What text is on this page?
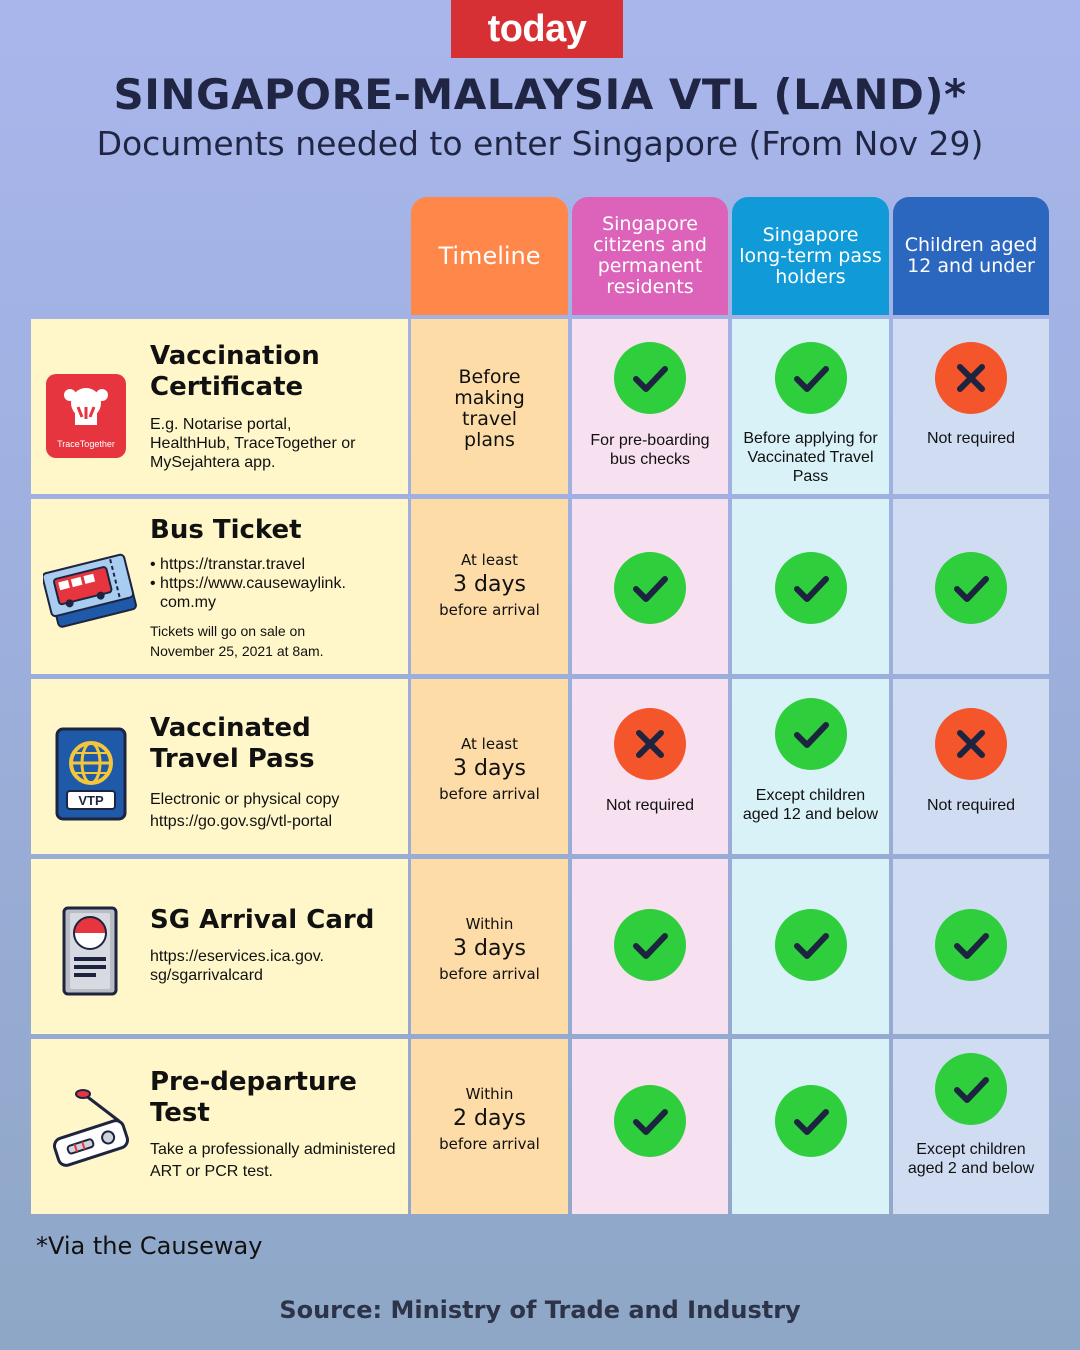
today
SINGAPORE-MALAYSIA VTL (LAND)*
Documents needed to enter Singapore (From Nov 29)
Timeline
Singapore citizens and permanent residents
Singapore long-term pass holders
Children aged 12 and under
TraceTogether
Vaccination
Certificate
E.g. Notarise portal, HealthHub, TraceTogether or MySejahtera app.
Before making travel plans	For pre-boarding bus checks
Before applying for Vaccinated Travel Pass
Not required
Bus Ticket
• https://transtar.travel
• https://www.causewaylink.
com.my
Tickets will go on sale on November 25, 2021 at 8am.
At least
3 days
before arrival
VTP
Vaccinated
Travel Pass
Electronic or physical copy https://go.gov.sg/vtl-portal
At least
3 days
before arrival
Not required
Except children aged 12 and below
Not required
SG Arrival Card
https://eservices.ica.gov. sg/sgarrivalcard
Within
3 days
before arrival
Pre-departure
Test
Take a professionally administered ART or PCR test.
Within
2 days
before arrival	Except children aged 2 and below
*Via the Causeway
Source: Ministry of Trade and Industry
